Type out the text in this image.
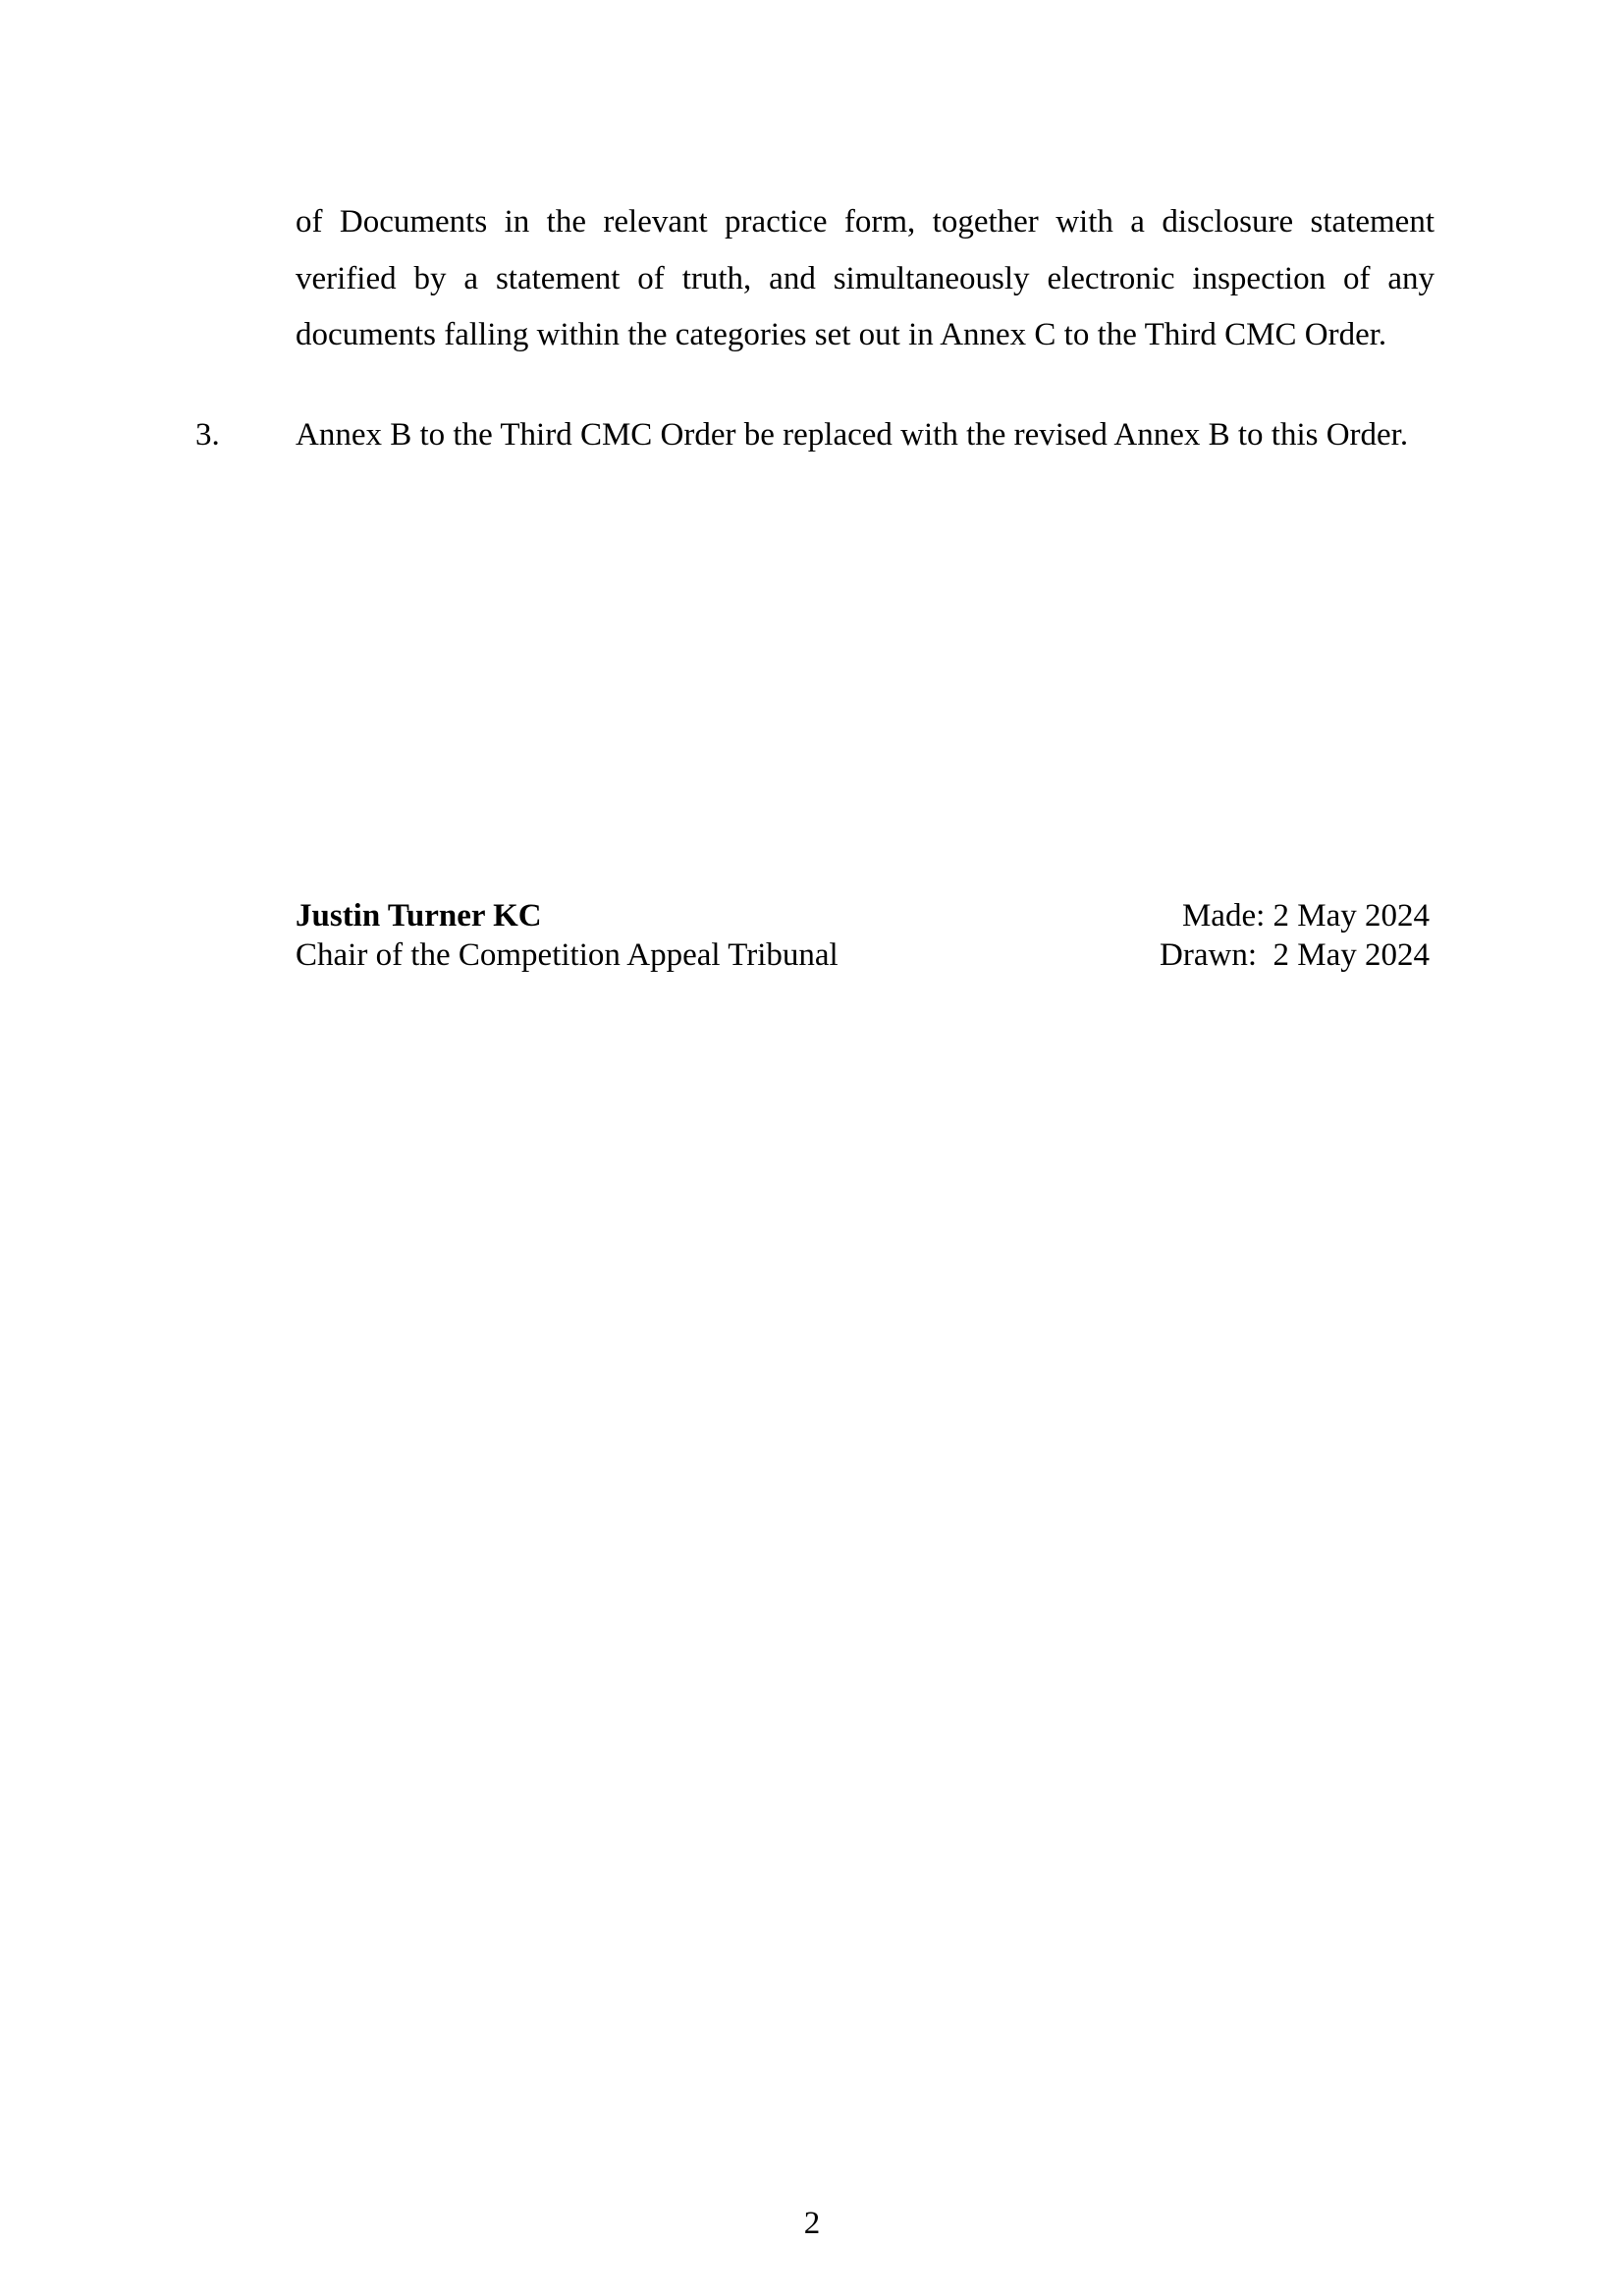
of Documents in the relevant practice form, together with a disclosure statement
verified by a statement of truth, and simultaneously electronic inspection of any
documents falling within the categories set out in Annex C to the Third CMC Order.
3. Annex B to the Third CMC Order be replaced with the revised Annex B to this Order.
Justin Turner KC
Chair of the Competition Appeal Tribunal
Made: 2 May 2024
Drawn:  2 May 2024
2
